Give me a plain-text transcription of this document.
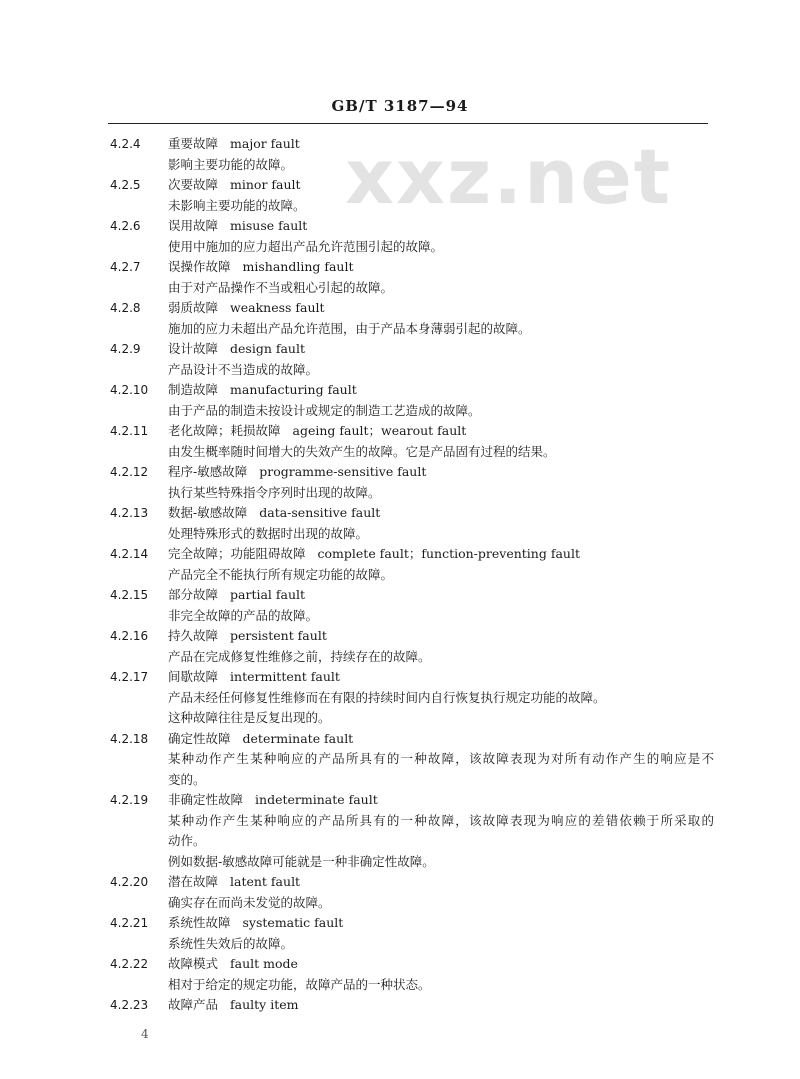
xxz.net
GB/T 3187—94
4.2.4 重要故障 major fault
影响主要功能的故障。
4.2.5 次要故障 minor fault
未影响主要功能的故障。
4.2.6 误用故障 misuse fault
使用中施加的应力超出产品允许范围引起的故障。
4.2.7 误操作故障 mishandling fault
由于对产品操作不当或粗心引起的故障。
4.2.8 弱质故障 weakness fault
施加的应力未超出产品允许范围，由于产品本身薄弱引起的故障。
4.2.9 设计故障 design fault
产品设计不当造成的故障。
4.2.10 制造故障 manufacturing fault
由于产品的制造未按设计或规定的制造工艺造成的故障。
4.2.11 老化故障；耗损故障 ageing fault；wearout fault
由发生概率随时间增大的失效产生的故障。它是产品固有过程的结果。
4.2.12 程序-敏感故障 programme-sensitive fault
执行某些特殊指令序列时出现的故障。
4.2.13 数据-敏感故障 data-sensitive fault
处理特殊形式的数据时出现的故障。
4.2.14 完全故障；功能阻碍故障 complete fault；function-preventing fault
产品完全不能执行所有规定功能的故障。
4.2.15 部分故障 partial fault
非完全故障的产品的故障。
4.2.16 持久故障 persistent fault
产品在完成修复性维修之前，持续存在的故障。
4.2.17 间歇故障 intermittent fault
产品未经任何修复性维修而在有限的持续时间内自行恢复执行规定功能的故障。
这种故障往往是反复出现的。
4.2.18 确定性故障 determinate fault
某种动作产生某种响应的产品所具有的一种故障，该故障表现为对所有动作产生的响应是不
变的。
4.2.19 非确定性故障 indeterminate fault
某种动作产生某种响应的产品所具有的一种故障，该故障表现为响应的差错依赖于所采取的
动作。
例如数据-敏感故障可能就是一种非确定性故障。
4.2.20 潜在故障 latent fault
确实存在而尚未发觉的故障。
4.2.21 系统性故障 systematic fault
系统性失效后的故障。
4.2.22 故障模式 fault mode
相对于给定的规定功能，故障产品的一种状态。
4.2.23 故障产品 faulty item
4
